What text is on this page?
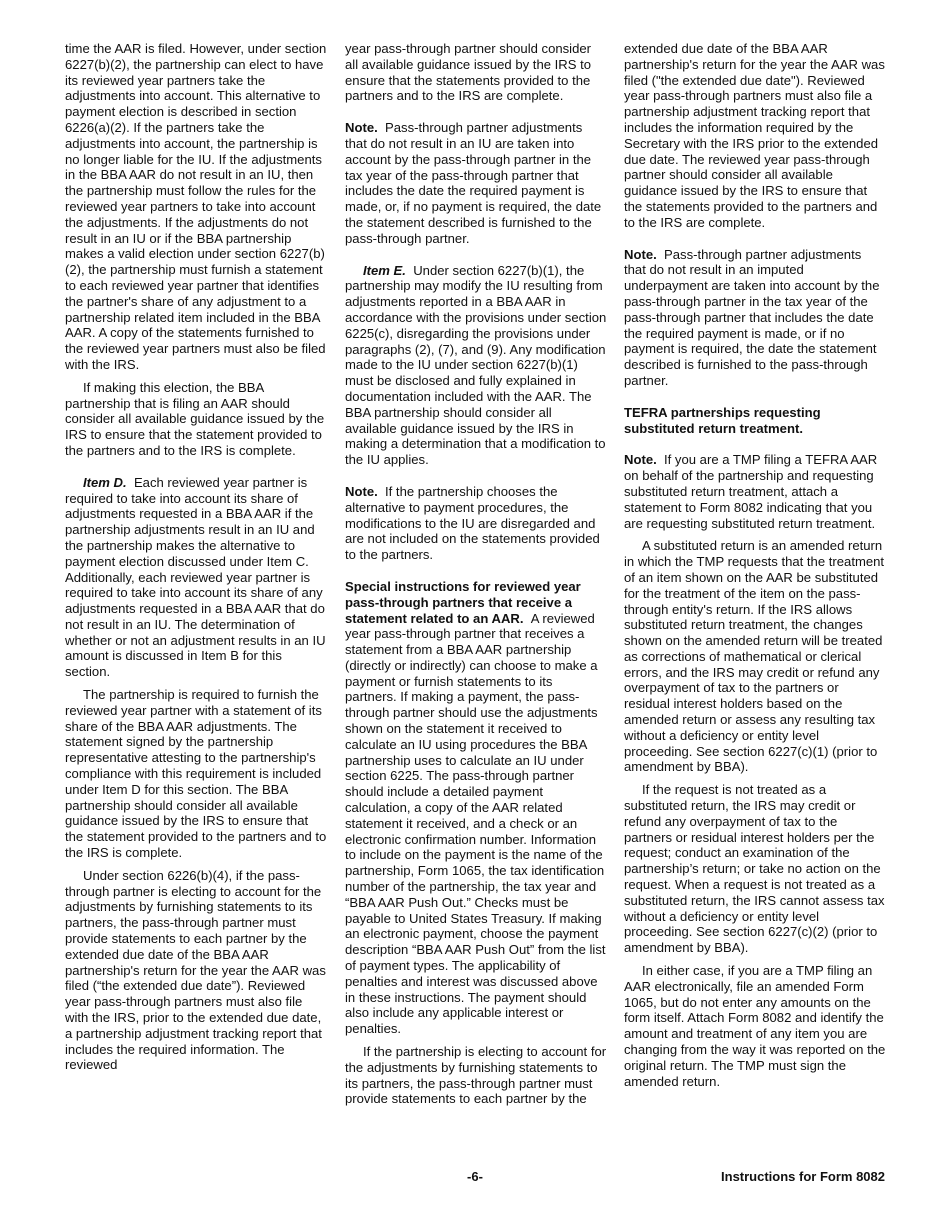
time the AAR is filed. However, under section 6227(b)(2), the partnership can elect to have its reviewed year partners take the adjustments into account. This alternative to payment election is described in section 6226(a)(2). If the partners take the adjustments into account, the partnership is no longer liable for the IU. If the adjustments in the BBA AAR do not result in an IU, then the partnership must follow the rules for the reviewed year partners to take into account the adjustments. If the adjustments do not result in an IU or if the BBA partnership makes a valid election under section 6227(b)(2), the partnership must furnish a statement to each reviewed year partner that identifies the partner's share of any adjustment to a partnership related item included in the BBA AAR. A copy of the statements furnished to the reviewed year partners must also be filed with the IRS.

If making this election, the BBA partnership that is filing an AAR should consider all available guidance issued by the IRS to ensure that the statement provided to the partners and to the IRS is complete.

Item D. Each reviewed year partner is required to take into account its share of adjustments requested in a BBA AAR if the partnership adjustments result in an IU and the partnership makes the alternative to payment election discussed under Item C. Additionally, each reviewed year partner is required to take into account its share of any adjustments requested in a BBA AAR that do not result in an IU. The determination of whether or not an adjustment results in an IU amount is discussed in Item B for this section.

The partnership is required to furnish the reviewed year partner with a statement of its share of the BBA AAR adjustments. The statement signed by the partnership representative attesting to the partnership's compliance with this requirement is included under Item D for this section. The BBA partnership should consider all available guidance issued by the IRS to ensure that the statement provided to the partners and to the IRS is complete.

Under section 6226(b)(4), if the pass-through partner is electing to account for the adjustments by furnishing statements to its partners, the pass-through partner must provide statements to each partner by the extended due date of the BBA AAR partnership's return for the year the AAR was filed (“the extended due date”). Reviewed year pass-through partners must also file with the IRS, prior to the extended due date, a partnership adjustment tracking report that includes the required information. The reviewed

year pass-through partner should consider all available guidance issued by the IRS to ensure that the statements provided to the partners and to the IRS are complete.

Note. Pass-through partner adjustments that do not result in an IU are taken into account by the pass-through partner in the tax year of the pass-through partner that includes the date the required payment is made, or, if no payment is required, the date the statement described is furnished to the pass-through partner.

Item E. Under section 6227(b)(1), the partnership may modify the IU resulting from adjustments reported in a BBA AAR in accordance with the provisions under section 6225(c), disregarding the provisions under paragraphs (2), (7), and (9). Any modification made to the IU under section 6227(b)(1) must be disclosed and fully explained in documentation included with the AAR. The BBA partnership should consider all available guidance issued by the IRS in making a determination that a modification to the IU applies.

Note. If the partnership chooses the alternative to payment procedures, the modifications to the IU are disregarded and are not included on the statements provided to the partners.

Special instructions for reviewed year pass-through partners that receive a statement related to an AAR. A reviewed year pass-through partner that receives a statement from a BBA AAR partnership (directly or indirectly) can choose to make a payment or furnish statements to its partners. If making a payment, the pass-through partner should use the adjustments shown on the statement it received to calculate an IU using procedures the BBA partnership uses to calculate an IU under section 6225. The pass-through partner should include a detailed payment calculation, a copy of the AAR related statement it received, and a check or an electronic confirmation number. Information to include on the payment is the name of the partnership, Form 1065, the tax identification number of the partnership, the tax year and “BBA AAR Push Out.” Checks must be payable to United States Treasury. If making an electronic payment, choose the payment description “BBA AAR Push Out” from the list of payment types. The applicability of penalties and interest was discussed above in these instructions. The payment should also include any applicable interest or penalties.

If the partnership is electing to account for the adjustments by furnishing statements to its partners, the pass-through partner must provide statements to each partner by the

extended due date of the BBA AAR partnership's return for the year the AAR was filed ("the extended due date"). Reviewed year pass-through partners must also file a partnership adjustment tracking report that includes the information required by the Secretary with the IRS prior to the extended due date. The reviewed year pass-through partner should consider all available guidance issued by the IRS to ensure that the statements provided to the partners and to the IRS are complete.

Note. Pass-through partner adjustments that do not result in an imputed underpayment are taken into account by the pass-through partner in the tax year of the pass-through partner that includes the date the required payment is made, or if no payment is required, the date the statement described is furnished to the pass-through partner.

TEFRA partnerships requesting substituted return treatment.

Note. If you are a TMP filing a TEFRA AAR on behalf of the partnership and requesting substituted return treatment, attach a statement to Form 8082 indicating that you are requesting substituted return treatment.

A substituted return is an amended return in which the TMP requests that the treatment of an item shown on the AAR be substituted for the treatment of the item on the pass-through entity's return. If the IRS allows substituted return treatment, the changes shown on the amended return will be treated as corrections of mathematical or clerical errors, and the IRS may credit or refund any overpayment of tax to the partners or residual interest holders based on the amended return or assess any resulting tax without a deficiency or entity level proceeding. See section 6227(c)(1) (prior to amendment by BBA).

If the request is not treated as a substituted return, the IRS may credit or refund any overpayment of tax to the partners or residual interest holders per the request; conduct an examination of the partnership’s return; or take no action on the request. When a request is not treated as a substituted return, the IRS cannot assess tax without a deficiency or entity level proceeding. See section 6227(c)(2) (prior to amendment by BBA).

In either case, if you are a TMP filing an AAR electronically, file an amended Form 1065, but do not enter any amounts on the form itself. Attach Form 8082 and identify the amount and treatment of any item you are changing from the way it was reported on the original return. The TMP must sign the amended return.

-6-	Instructions for Form 8082
